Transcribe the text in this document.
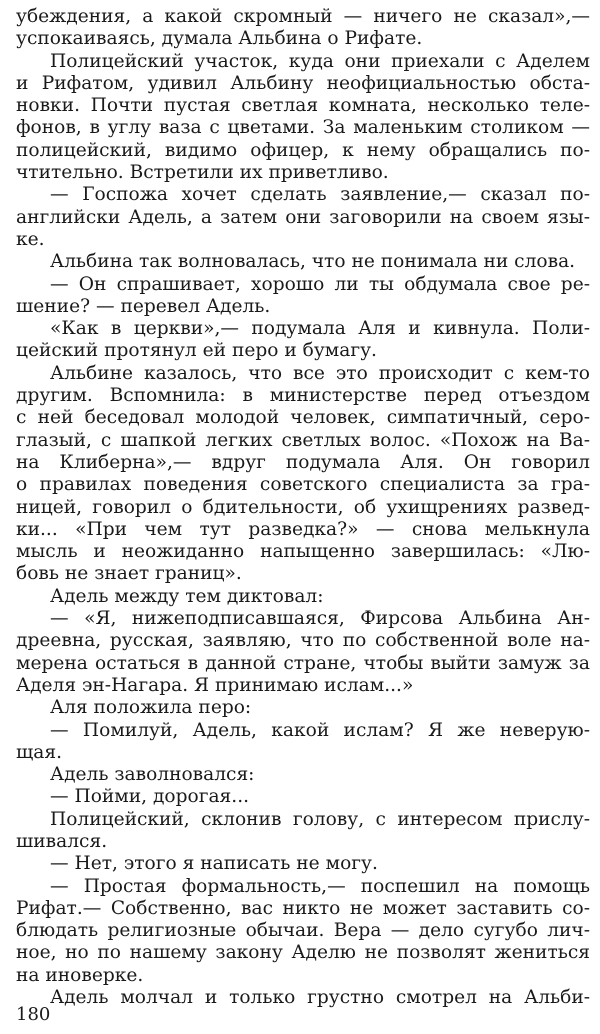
убеждения, а какой скромный — ничего не сказал»,—
успокаиваясь, думала Альбина о Рифате.
Полицейский участок, куда они приехали с Аделем
и Рифатом, удивил Альбину неофициальностью обста-
новки. Почти пустая светлая комната, несколько теле-
фонов, в углу ваза с цветами. За маленьким столиком —
полицейский, видимо офицер, к нему обращались по-
чтительно. Встретили их приветливо.
— Госпожа хочет сделать заявление,— сказал по-
английски Адель, а затем они заговорили на своем язы-
ке.
Альбина так волновалась, что не понимала ни слова.
— Он спрашивает, хорошо ли ты обдумала свое ре-
шение? — перевел Адель.
«Как в церкви»,— подумала Аля и кивнула. Поли-
цейский протянул ей перо и бумагу.
Альбине казалось, что все это происходит с кем-то
другим. Вспомнила: в министерстве перед отъездом
с ней беседовал молодой человек, симпатичный, серо-
глазый, с шапкой легких светлых волос. «Похож на Ва-
на Клиберна»,— вдруг подумала Аля. Он говорил
о правилах поведения советского специалиста за гра-
ницей, говорил о бдительности, об ухищрениях развед-
ки... «При чем тут разведка?» — снова мелькнула
мысль и неожиданно напыщенно завершилась: «Лю-
бовь не знает границ».
Адель между тем диктовал:
— «Я, нижеподписавшаяся, Фирсова Альбина Ан-
дреевна, русская, заявляю, что по собственной воле на-
мерена остаться в данной стране, чтобы выйти замуж за
Аделя эн-Нагара. Я принимаю ислам...»
Аля положила перо:
— Помилуй, Адель, какой ислам? Я же неверую-
щая.
Адель заволновался:
— Пойми, дорогая...
Полицейский, склонив голову, с интересом прислу-
шивался.
— Нет, этого я написать не могу.
— Простая формальность,— поспешил на помощь
Рифат.— Собственно, вас никто не может заставить со-
блюдать религиозные обычаи. Вера — дело сугубо лич-
ное, но по нашему закону Аделю не позволят жениться
на иноверке.
Адель молчал и только грустно смотрел на Альби-
180
